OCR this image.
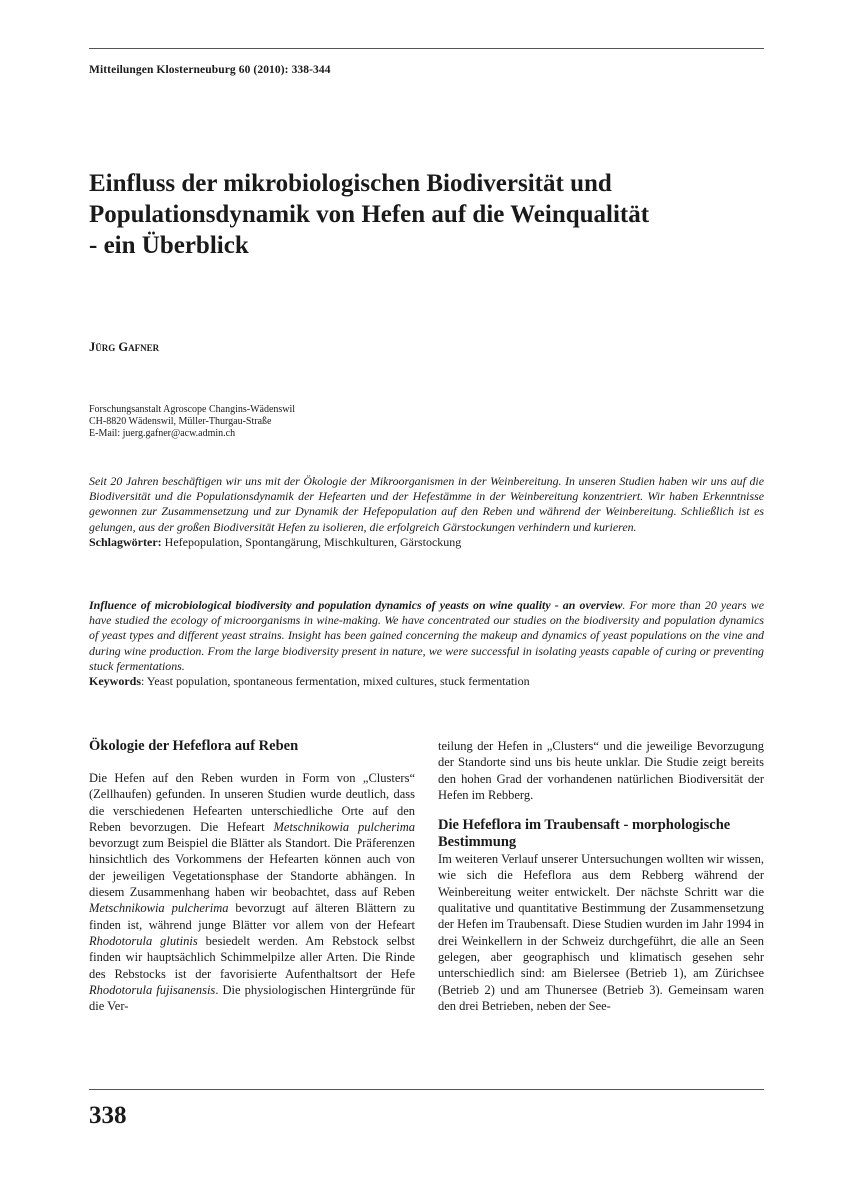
Mitteilungen Klosterneuburg 60 (2010): 338-344
Einfluss der mikrobiologischen Biodiversität und
Populationsdynamik von Hefen auf die Weinqualität
- ein Überblick
Jürg Gafner
Forschungsanstalt Agroscope Changins-Wädenswil
CH-8820 Wädenswil, Müller-Thurgau-Straße
E-Mail: juerg.gafner@acw.admin.ch

Seit 20 Jahren beschäftigen wir uns mit der Ökologie der Mikroorganismen in der Weinbereitung. In unseren Studien haben wir uns auf die Biodiversität und die Populationsdynamik der Hefearten und der Hefestämme in der Weinbereitung konzentriert. Wir haben Erkenntnisse gewonnen zur Zusammensetzung und zur Dynamik der Hefepopulation auf den Reben und während der Weinbereitung. Schließlich ist es gelungen, aus der großen Biodiversität Hefen zu isolieren, die erfolgreich Gärstockungen verhindern und kurieren.

Schlagwörter: Hefepopulation, Spontangärung, Mischkulturen, Gärstockung

Influence of microbiological biodiversity and population dynamics of yeasts on wine quality - an overview. For more than 20 years we have studied the ecology of microorganisms in wine-making. We have concentrated our studies on the biodiversity and population dynamics of yeast types and different yeast strains. Insight has been gained concerning the makeup and dynamics of yeast populations on the vine and during wine production. From the large biodiversity present in nature, we were successful in isolating yeasts capable of curing or preventing stuck fermentations.

Keywords: Yeast population, spontaneous fermentation, mixed cultures, stuck fermentation

Ökologie der Hefeflora auf Reben

Die Hefen auf den Reben wurden in Form von „Clusters“ (Zellhaufen) gefunden. In unseren Studien wurde deutlich, dass die verschiedenen Hefearten unterschiedliche Orte auf den Reben bevorzugen. Die Hefeart Metschnikowia pulcherima bevorzugt zum Beispiel die Blätter als Standort. Die Präferenzen hinsichtlich des Vorkommens der Hefearten können auch von der jeweiligen Vegetationsphase der Standorte abhängen. In diesem Zusammenhang haben wir beobachtet, dass auf Reben Metschnikowia pulcherima bevorzugt auf älteren Blättern zu finden ist, während junge Blätter vor allem von der Hefeart Rhodotorula glutinis besiedelt werden. Am Rebstock selbst finden wir hauptsächlich Schimmelpilze aller Arten. Die Rinde des Rebstocks ist der favorisierte Aufenthaltsort der Hefe Rhodotorula fujisanensis. Die physiologischen Hintergründe für die Ver-

teilung der Hefen in „Clusters“ und die jeweilige Bevorzugung der Standorte sind uns bis heute unklar. Die Studie zeigt bereits den hohen Grad der vorhandenen natürlichen Biodiversität der Hefen im Rebberg.

Die Hefeflora im Traubensaft - morphologische Bestimmung

Im weiteren Verlauf unserer Untersuchungen wollten wir wissen, wie sich die Hefeflora aus dem Rebberg während der Weinbereitung weiter entwickelt. Der nächste Schritt war die qualitative und quantitative Bestimmung der Zusammensetzung der Hefen im Traubensaft. Diese Studien wurden im Jahr 1994 in drei Weinkellern in der Schweiz durchgeführt, die alle an Seen gelegen, aber geographisch und klimatisch gesehen sehr unterschiedlich sind: am Bielersee (Betrieb 1), am Zürichsee (Betrieb 2) und am Thunersee (Betrieb 3). Gemeinsam waren den drei Betrieben, neben der See-

338
